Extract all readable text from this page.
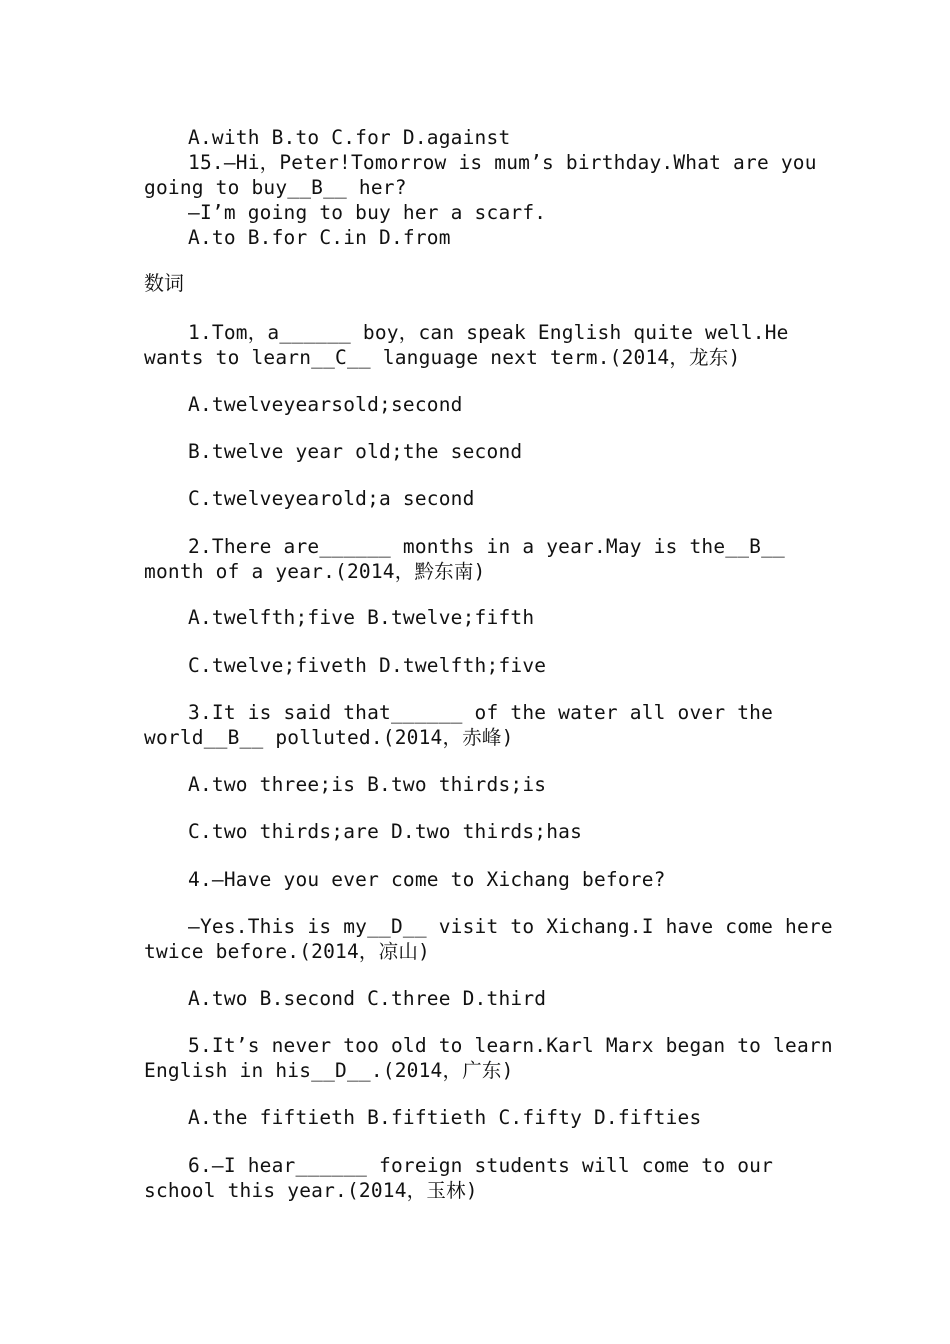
A.with B.to C.for D.against
15.—Hi，Peter!Tomorrow is mum’s birthday.What are you
going to buy__B__ her?
—I’m going to buy her a scarf.
A.to B.for C.in D.from
数词
1.Tom，a______ boy，can speak English quite well.He
wants to learn__C__ language next term.(2014，龙东)
A.twelveyearsold;second
B.twelve year old;the second
C.twelveyearold;a second
2.There are______ months in a year.May is the__B__
month of a year.(2014，黔东南)
A.twelfth;five B.twelve;fifth
C.twelve;fiveth D.twelfth;five
3.It is said that______ of the water all over the
world__B__ polluted.(2014，赤峰)
A.two three;is B.two thirds;is
C.two thirds;are D.two thirds;has
4.—Have you ever come to Xichang before?
—Yes.This is my__D__ visit to Xichang.I have come here
twice before.(2014，凉山)
A.two B.second C.three D.third
5.It’s never too old to learn.Karl Marx began to learn
English in his__D__.(2014，广东)
A.the fiftieth B.fiftieth C.fifty D.fifties
6.—I hear______ foreign students will come to our
school this year.(2014，玉林)
